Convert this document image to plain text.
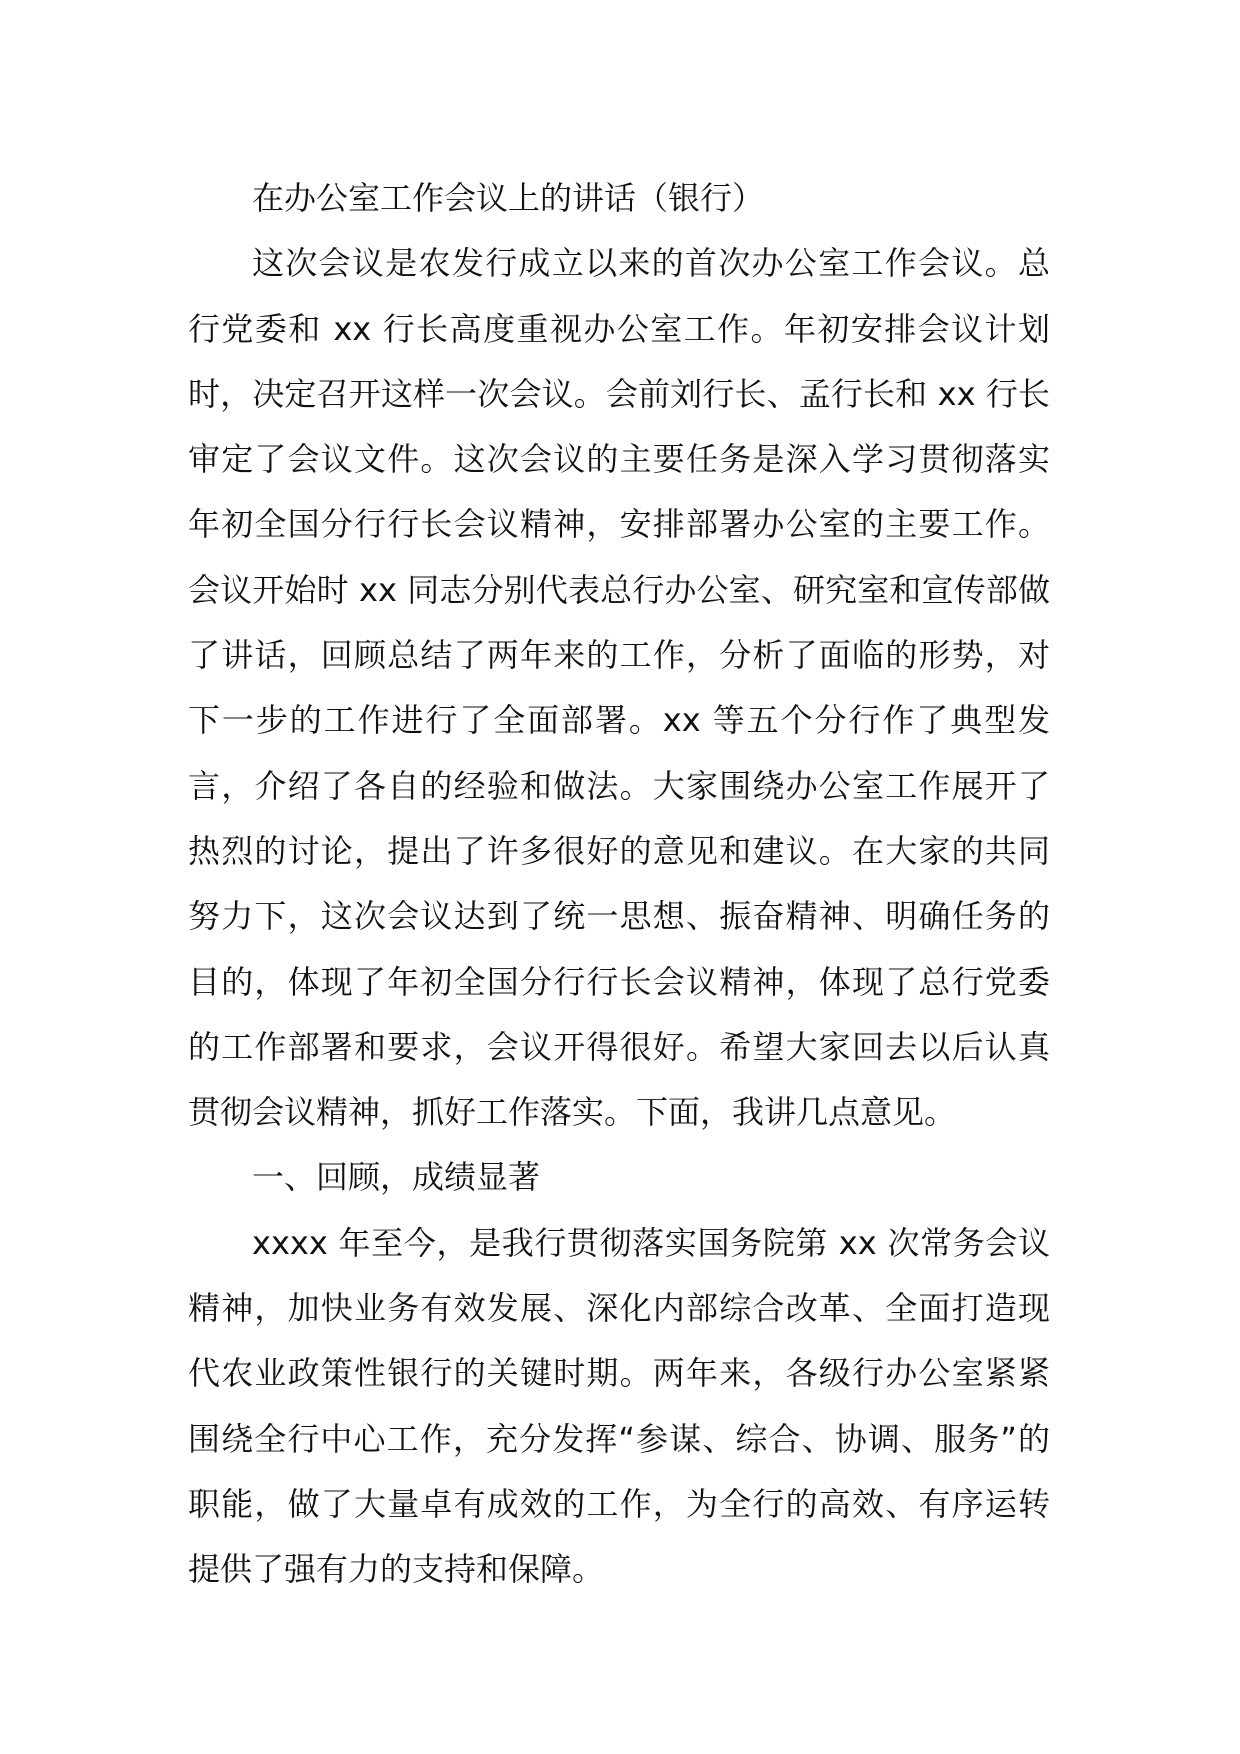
在办公室工作会议上的讲话（银行）

这次会议是农发行成立以来的首次办公室工作会议。总行党委和 xx 行长高度重视办公室工作。年初安排会议计划时，决定召开这样一次会议。会前刘行长、孟行长和 xx 行长审定了会议文件。这次会议的主要任务是深入学习贯彻落实年初全国分行行长会议精神，安排部署办公室的主要工作。会议开始时 xx 同志分别代表总行办公室、研究室和宣传部做了讲话，回顾总结了两年来的工作，分析了面临的形势，对下一步的工作进行了全面部署。xx 等五个分行作了典型发言，介绍了各自的经验和做法。大家围绕办公室工作展开了热烈的讨论，提出了许多很好的意见和建议。在大家的共同努力下，这次会议达到了统一思想、振奋精神、明确任务的目的，体现了年初全国分行行长会议精神，体现了总行党委的工作部署和要求，会议开得很好。希望大家回去以后认真贯彻会议精神，抓好工作落实。下面，我讲几点意见。

一、回顾，成绩显著

xxxx 年至今，是我行贯彻落实国务院第 xx 次常务会议精神，加快业务有效发展、深化内部综合改革、全面打造现代农业政策性银行的关键时期。两年来，各级行办公室紧紧围绕全行中心工作，充分发挥“参谋、综合、协调、服务”的职能，做了大量卓有成效的工作，为全行的高效、有序运转提供了强有力的支持和保障。
